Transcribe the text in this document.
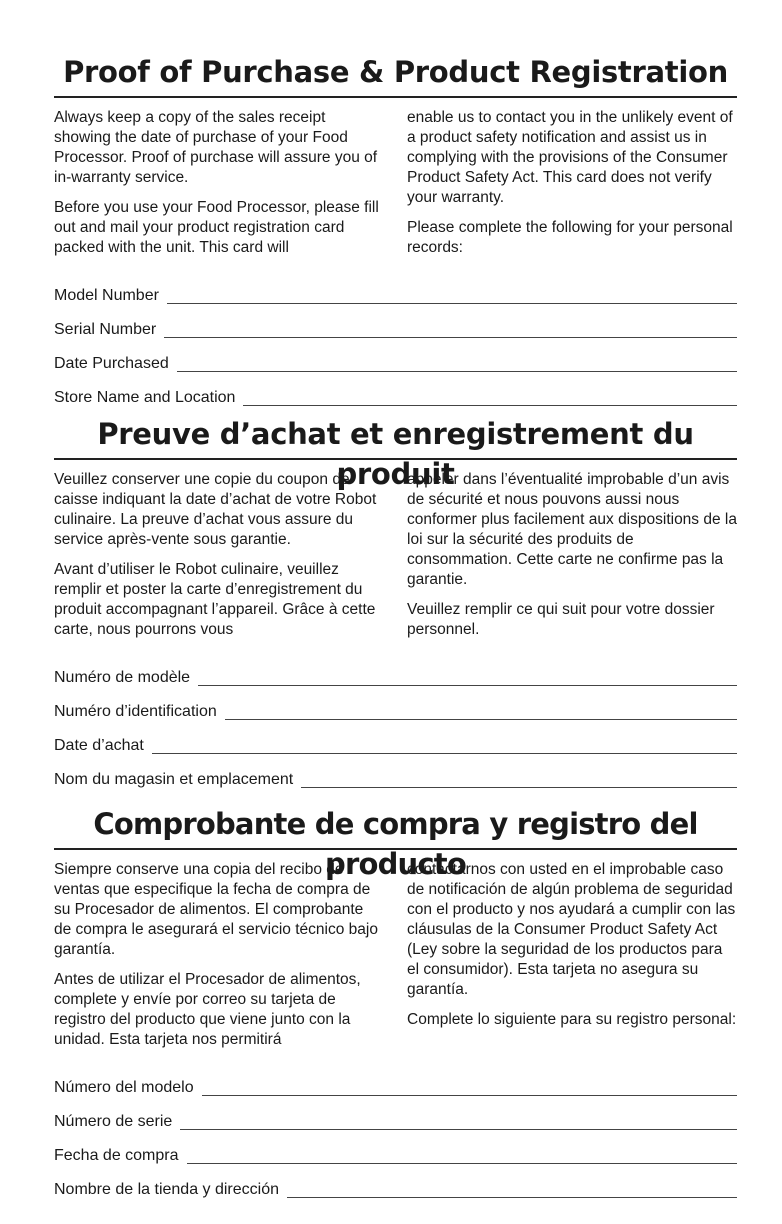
Proof of Purchase & Product Registration

Always keep a copy of the sales receipt showing the date of purchase of your Food Processor. Proof of purchase will assure you of in-warranty service.

Before you use your Food Processor, please fill out and mail your product registration card packed with the unit. This card will

enable us to contact you in the unlikely event of a product safety notification and assist us in complying with the provisions of the Consumer Product Safety Act. This card does not verify your warranty.

Please complete the following for your personal records:

Model Number
Serial Number
Date Purchased
Store Name and Location
Preuve d’achat et enregistrement du produit

Veuillez conserver une copie du coupon de caisse indiquant la date d’achat de votre Robot culinaire. La preuve d’achat vous assure du service après-vente sous garantie.

Avant d’utiliser le Robot culinaire, veuillez remplir et poster la carte d’enregistrement du produit accompagnant l’appareil. Grâce à cette carte, nous pourrons vous

appeler dans l’éventualité improbable d’un avis de sécurité et nous pouvons aussi nous conformer plus facilement aux dispositions de la loi sur la sécurité des produits de consommation. Cette carte ne confirme pas la garantie.

Veuillez remplir ce qui suit pour votre dossier personnel.

Numéro de modèle
Numéro d’identification
Date d’achat
Nom du magasin et emplacement
Comprobante de compra y registro del producto

Siempre conserve una copia del recibo de ventas que especifique la fecha de compra de su Procesador de alimentos. El comprobante de compra le asegurará el servicio técnico bajo garantía.

Antes de utilizar el Procesador de alimentos, complete y envíe por correo su tarjeta de registro del producto que viene junto con la unidad. Esta tarjeta nos permitirá

contactarnos con usted en el improbable caso de notificación de algún problema de seguridad con el producto y nos ayudará a cumplir con las cláusulas de la Consumer Product Safety Act (Ley sobre la seguridad de los productos para el consumidor). Esta tarjeta no asegura su garantía.

Complete lo siguiente para su registro personal:

Número del modelo
Número de serie
Fecha de compra
Nombre de la tienda y dirección
